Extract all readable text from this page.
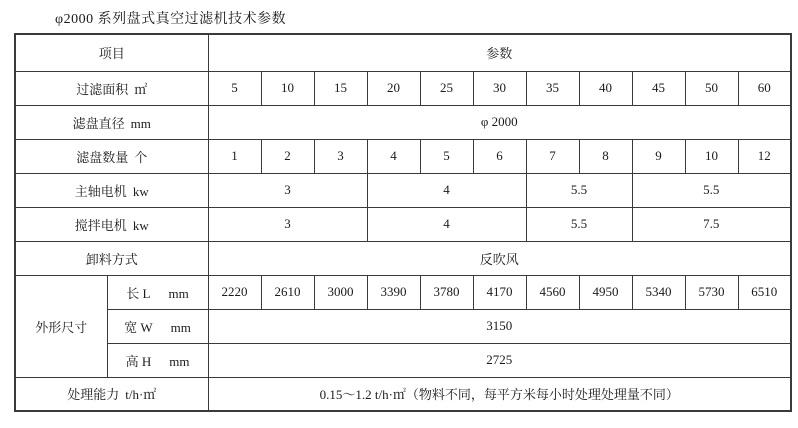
φ2000 系列盘式真空过滤机技术参数
项目		参数										
过滤面积 ㎡		5	10	15	20	25	30	35	40	45	50	60
滤盘直径 mm		φ 2000										
滤盘数量 个		1	2	3	4	5	6	7	8	9	10	12
主轴电机 kw		3			4			5.5		5.5		
搅拌电机 kw		3			4			5.5		7.5		
卸料方式		反吹风										
外形尺寸	长 L mm	2220	2610	3000	3390	3780	4170	4560	4950	5340	5730	6510
	宽 W mm	3150										
	高 H mm	2725										
处理能力 t/h·㎡		0.15～1.2 t/h·㎡（物料不同，每平方米每小时处理处理量不同）										
